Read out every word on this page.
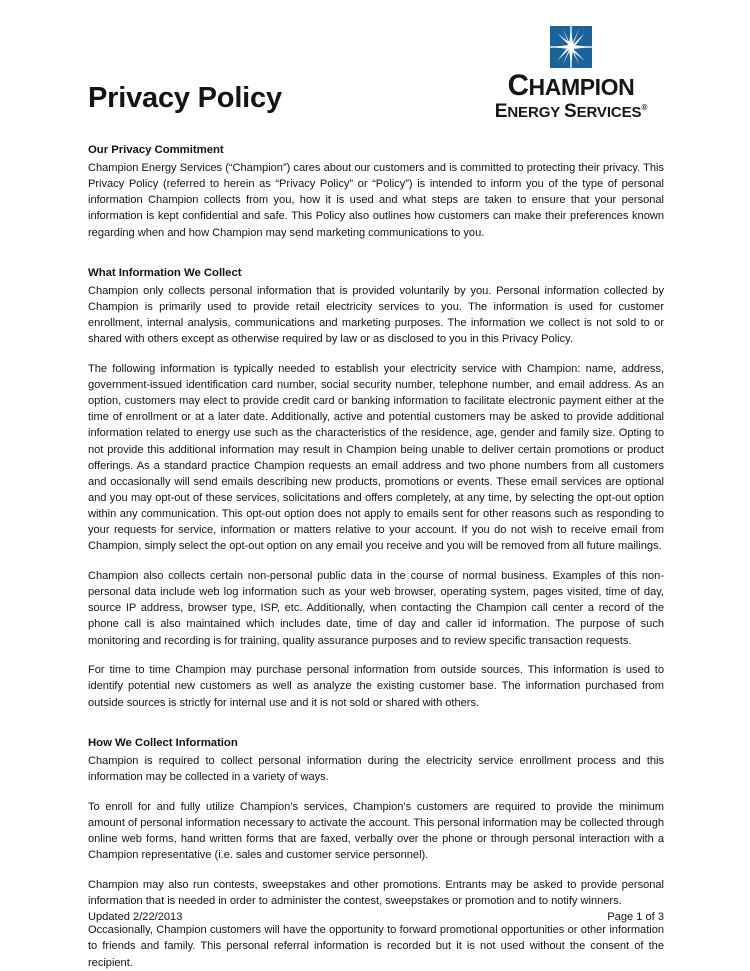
Privacy Policy	CHAMPION
ENERGY SERVICES®
Our Privacy Commitment

Champion Energy Services (“Champion”) cares about our customers and is committed to protecting their privacy. This Privacy Policy (referred to herein as “Privacy Policy” or “Policy”) is intended to inform you of the type of personal information Champion collects from you, how it is used and what steps are taken to ensure that your personal information is kept confidential and safe. This Policy also outlines how customers can make their preferences known regarding when and how Champion may send marketing communications to you.

What Information We Collect

Champion only collects personal information that is provided voluntarily by you. Personal information collected by Champion is primarily used to provide retail electricity services to you. The information is used for customer enrollment, internal analysis, communications and marketing purposes. The information we collect is not sold to or shared with others except as otherwise required by law or as disclosed to you in this Privacy Policy.

The following information is typically needed to establish your electricity service with Champion: name, address, government-issued identification card number, social security number, telephone number, and email address. As an option, customers may elect to provide credit card or banking information to facilitate electronic payment either at the time of enrollment or at a later date. Additionally, active and potential customers may be asked to provide additional information related to energy use such as the characteristics of the residence, age, gender and family size. Opting to not provide this additional information may result in Champion being unable to deliver certain promotions or product offerings. As a standard practice Champion requests an email address and two phone numbers from all customers and occasionally will send emails describing new products, promotions or events. These email services are optional and you may opt-out of these services, solicitations and offers completely, at any time, by selecting the opt-out option within any communication. This opt-out option does not apply to emails sent for other reasons such as responding to your requests for service, information or matters relative to your account. If you do not wish to receive email from Champion, simply select the opt-out option on any email you receive and you will be removed from all future mailings.

Champion also collects certain non-personal public data in the course of normal business. Examples of this non-personal data include web log information such as your web browser, operating system, pages visited, time of day, source IP address, browser type, ISP, etc. Additionally, when contacting the Champion call center a record of the phone call is also maintained which includes date, time of day and caller id information. The purpose of such monitoring and recording is for training, quality assurance purposes and to review specific transaction requests.

For time to time Champion may purchase personal information from outside sources. This information is used to identify potential new customers as well as analyze the existing customer base. The information purchased from outside sources is strictly for internal use and it is not sold or shared with others.

How We Collect Information

Champion is required to collect personal information during the electricity service enrollment process and this information may be collected in a variety of ways.

To enroll for and fully utilize Champion’s services, Champion’s customers are required to provide the minimum amount of personal information necessary to activate the account. This personal information may be collected through online web forms, hand written forms that are faxed, verbally over the phone or through personal interaction with a Champion representative (i.e. sales and customer service personnel).

Champion may also run contests, sweepstakes and other promotions. Entrants may be asked to provide personal information that is needed in order to administer the contest, sweepstakes or promotion and to notify winners.

Occasionally, Champion customers will have the opportunity to forward promotional opportunities or other information to friends and family. This personal referral information is recorded but it is not used without the consent of the recipient.

Updated 2/22/2013	Page 1 of 3
